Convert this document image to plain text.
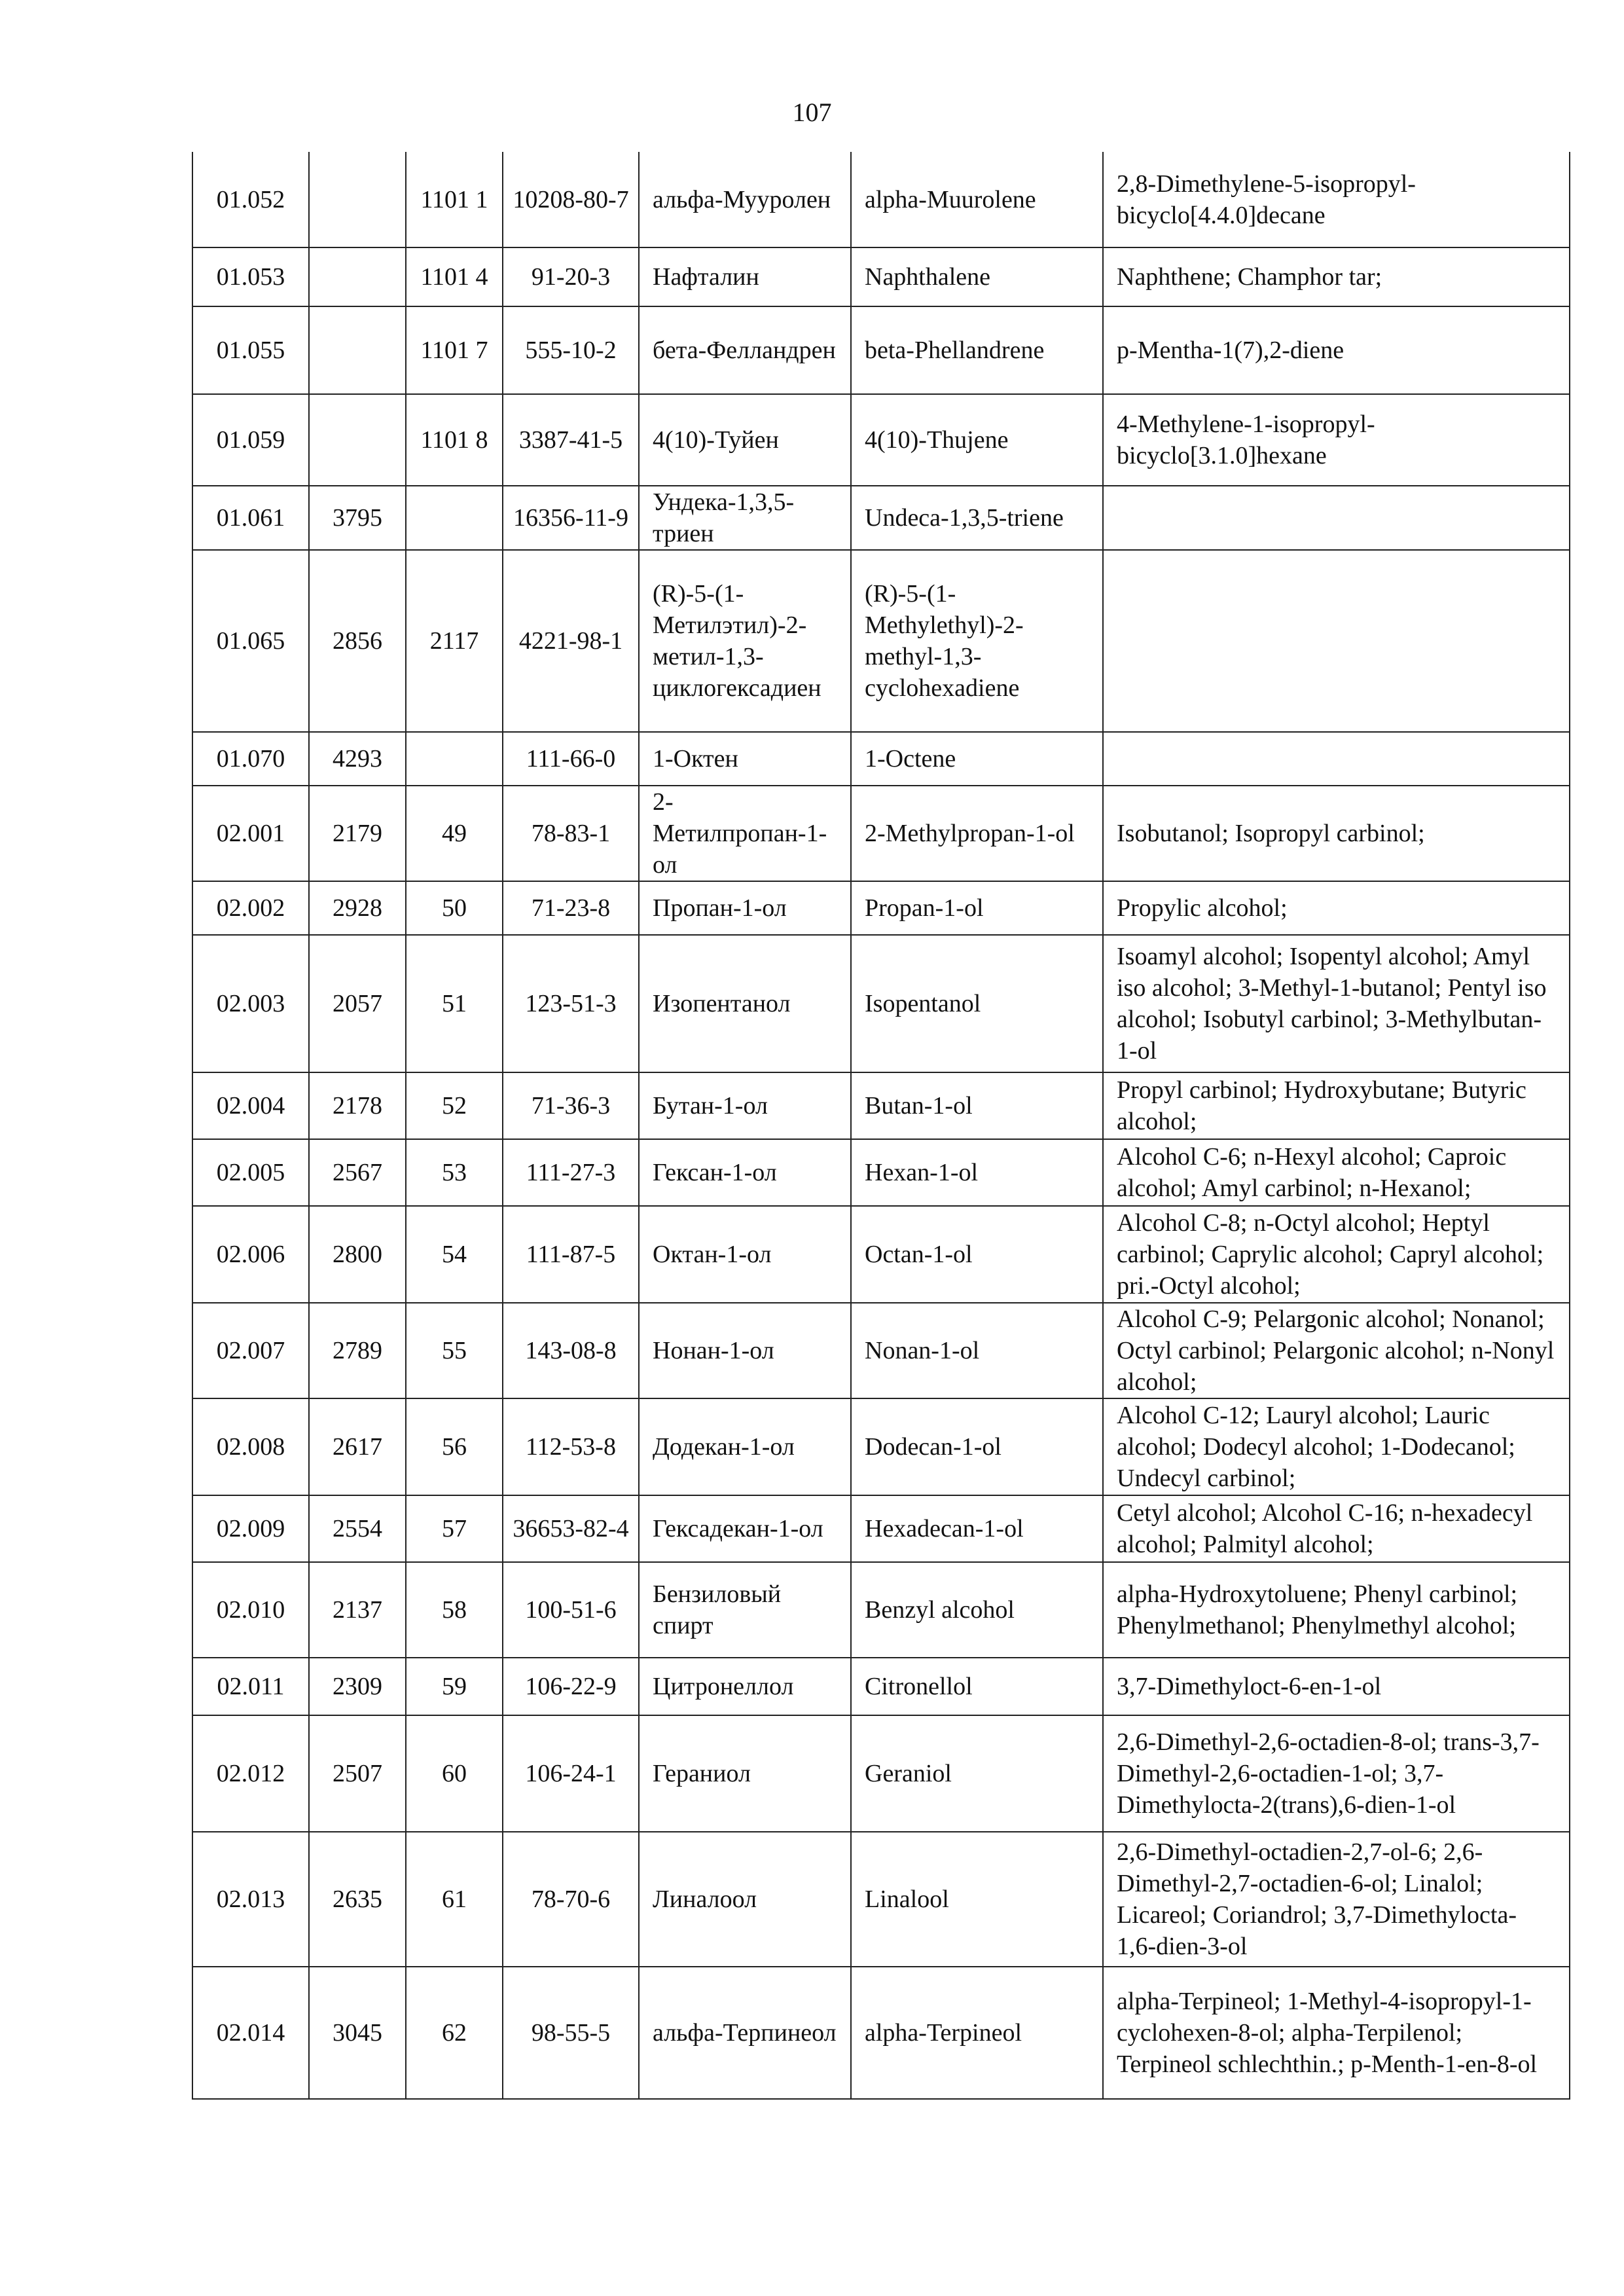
107
01.052		1101 1	10208-80-7	альфа-Мууролен	alpha-Muurolene	2,8-Dimethylene-5-isopropyl-bicyclo[4.4.0]decane
01.053		1101 4	91-20-3	Нафталин	Naphthalene	Naphthene; Champhor tar;
01.055		1101 7	555-10-2	бета-Фелландрен	beta-Phellandrene	p-Mentha-1(7),2-diene
01.059		1101 8	3387-41-5	4(10)-Туйен	4(10)-Thujene	4-Methylene-1-isopropyl-bicyclo[3.1.0]hexane
01.061	3795		16356-11-9	Ундека-1,3,5-триен	Undeca-1,3,5-triene	
01.065	2856	2117	4221-98-1	(R)-5-(1-Метилэтил)-2-метил-1,3-циклогексадиен	(R)-5-(1-Methylethyl)-2-methyl-1,3-cyclohexadiene	
01.070	4293		111-66-0	1-Октен	1-Octene	
02.001	2179	49	78-83-1	2-Метилпропан-1-ол	2-Methylpropan-1-ol	Isobutanol; Isopropyl carbinol;
02.002	2928	50	71-23-8	Пропан-1-ол	Propan-1-ol	Propylic alcohol;
02.003	2057	51	123-51-3	Изопентанол	Isopentanol	Isoamyl alcohol; Isopentyl alcohol; Amyl iso alcohol; 3-Methyl-1-butanol; Pentyl iso alcohol; Isobutyl carbinol; 3-Methylbutan-1-ol
02.004	2178	52	71-36-3	Бутан-1-ол	Butan-1-ol	Propyl carbinol; Hydroxybutane; Butyric alcohol;
02.005	2567	53	111-27-3	Гексан-1-ол	Hexan-1-ol	Alcohol C-6; n-Hexyl alcohol; Caproic alcohol; Amyl carbinol; n-Hexanol;
02.006	2800	54	111-87-5	Октан-1-ол	Octan-1-ol	Alcohol C-8; n-Octyl alcohol; Heptyl carbinol; Caprylic alcohol; Capryl alcohol; pri.-Octyl alcohol;
02.007	2789	55	143-08-8	Нонан-1-ол	Nonan-1-ol	Alcohol C-9; Pelargonic alcohol; Nonanol; Octyl carbinol; Pelargonic alcohol; n-Nonyl alcohol;
02.008	2617	56	112-53-8	Додекан-1-ол	Dodecan-1-ol	Alcohol C-12; Lauryl alcohol; Lauric alcohol; Dodecyl alcohol; 1-Dodecanol; Undecyl carbinol;
02.009	2554	57	36653-82-4	Гексадекан-1-ол	Hexadecan-1-ol	Cetyl alcohol; Alcohol C-16; n-hexadecyl alcohol; Palmityl alcohol;
02.010	2137	58	100-51-6	Бензиловый спирт	Benzyl alcohol	alpha-Hydroxytoluene; Phenyl carbinol; Phenylmethanol; Phenylmethyl alcohol;
02.011	2309	59	106-22-9	Цитронеллол	Citronellol	3,7-Dimethyloct-6-en-1-ol
02.012	2507	60	106-24-1	Гераниол	Geraniol	2,6-Dimethyl-2,6-octadien-8-ol; trans-3,7-Dimethyl-2,6-octadien-1-ol; 3,7-Dimethylocta-2(trans),6-dien-1-ol
02.013	2635	61	78-70-6	Линалоол	Linalool	2,6-Dimethyl-octadien-2,7-ol-6; 2,6-Dimethyl-2,7-octadien-6-ol; Linalol; Licareol; Coriandrol; 3,7-Dimethylocta-1,6-dien-3-ol
02.014	3045	62	98-55-5	альфа-Терпинеол	alpha-Terpineol	alpha-Terpineol; 1-Methyl-4-isopropyl-1-cyclohexen-8-ol; alpha-Terpilenol; Terpineol schlechthin.; p-Menth-1-en-8-ol
